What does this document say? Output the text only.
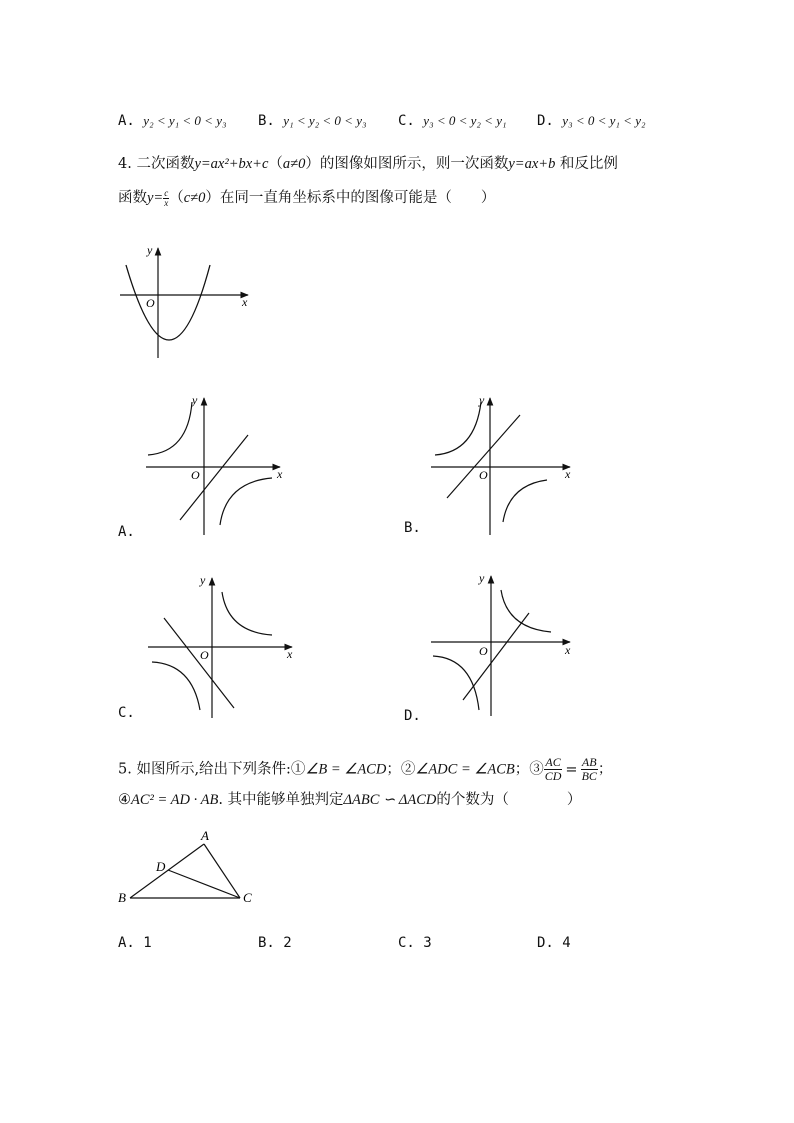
A. y₂ < y₁ < 0 < y₃ B. y₁ < y₂ < 0 < y₃ C. y₃ < 0 < y₂ < y₁ D. y₃ < 0 < y₁ < y₂
4. 二次函数y=ax²+bx+c（a≠0）的图像如图所示，则一次函数y=ax+b 和反比例
函数$y= \frac{c}{x} (c\ne 0)$在同一直角坐标系中的图像可能是（　　）
y
x
O
y
x
O
A.
y
x
O
B.
y
x
O
C.
y
x
O
D.
5. 如图所示,给出下列条件:①∠B = ∠ACD；②∠ADC = ∠ACB；③ $\frac{AC}{CD} = \frac{AB}{BC}$ ；
④AC² = AD · AB. 其中能够单独判定ΔABC ∽ ΔACD的个数为（　　　　）
A
D
B	C
A. 1	B. 2	C. 3	D. 4
